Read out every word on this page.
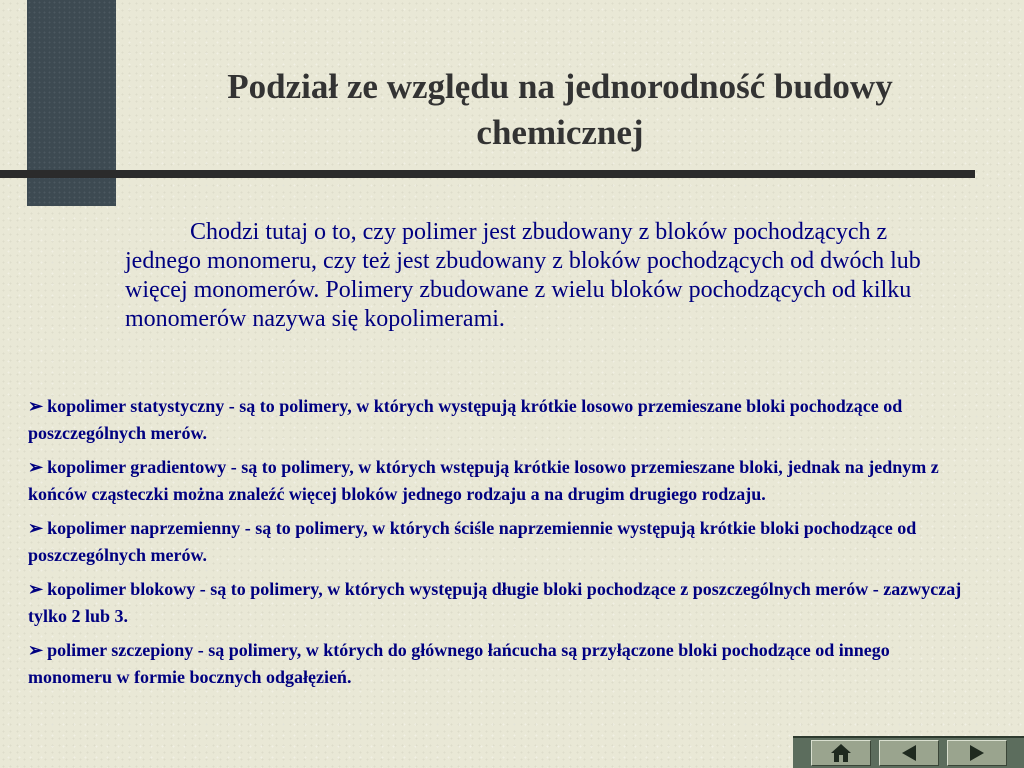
Podział ze względu na jednorodność budowy chemicznej

Chodzi tutaj o to, czy polimer jest zbudowany z bloków pochodzących z jednego monomeru, czy też jest zbudowany z bloków pochodzących od dwóch lub więcej monomerów. Polimery zbudowane z wielu bloków pochodzących od kilku monomerów nazywa się kopolimerami.

➢ kopolimer statystyczny - są to polimery, w których występują krótkie losowo przemieszane bloki pochodzące od poszczególnych merów.

➢ kopolimer gradientowy - są to polimery, w których wstępują krótkie losowo przemieszane bloki, jednak na jednym z końców cząsteczki można znaleźć więcej bloków jednego rodzaju a na drugim drugiego rodzaju.

➢ kopolimer naprzemienny - są to polimery, w których ściśle naprzemiennie występują krótkie bloki pochodzące od poszczególnych merów.

➢ kopolimer blokowy - są to polimery, w których występują długie bloki pochodzące z poszczególnych merów - zazwyczaj tylko 2 lub 3.

➢ polimer szczepiony - są polimery, w których do głównego łańcucha są przyłączone bloki pochodzące od innego monomeru w formie bocznych odgałęzień.
